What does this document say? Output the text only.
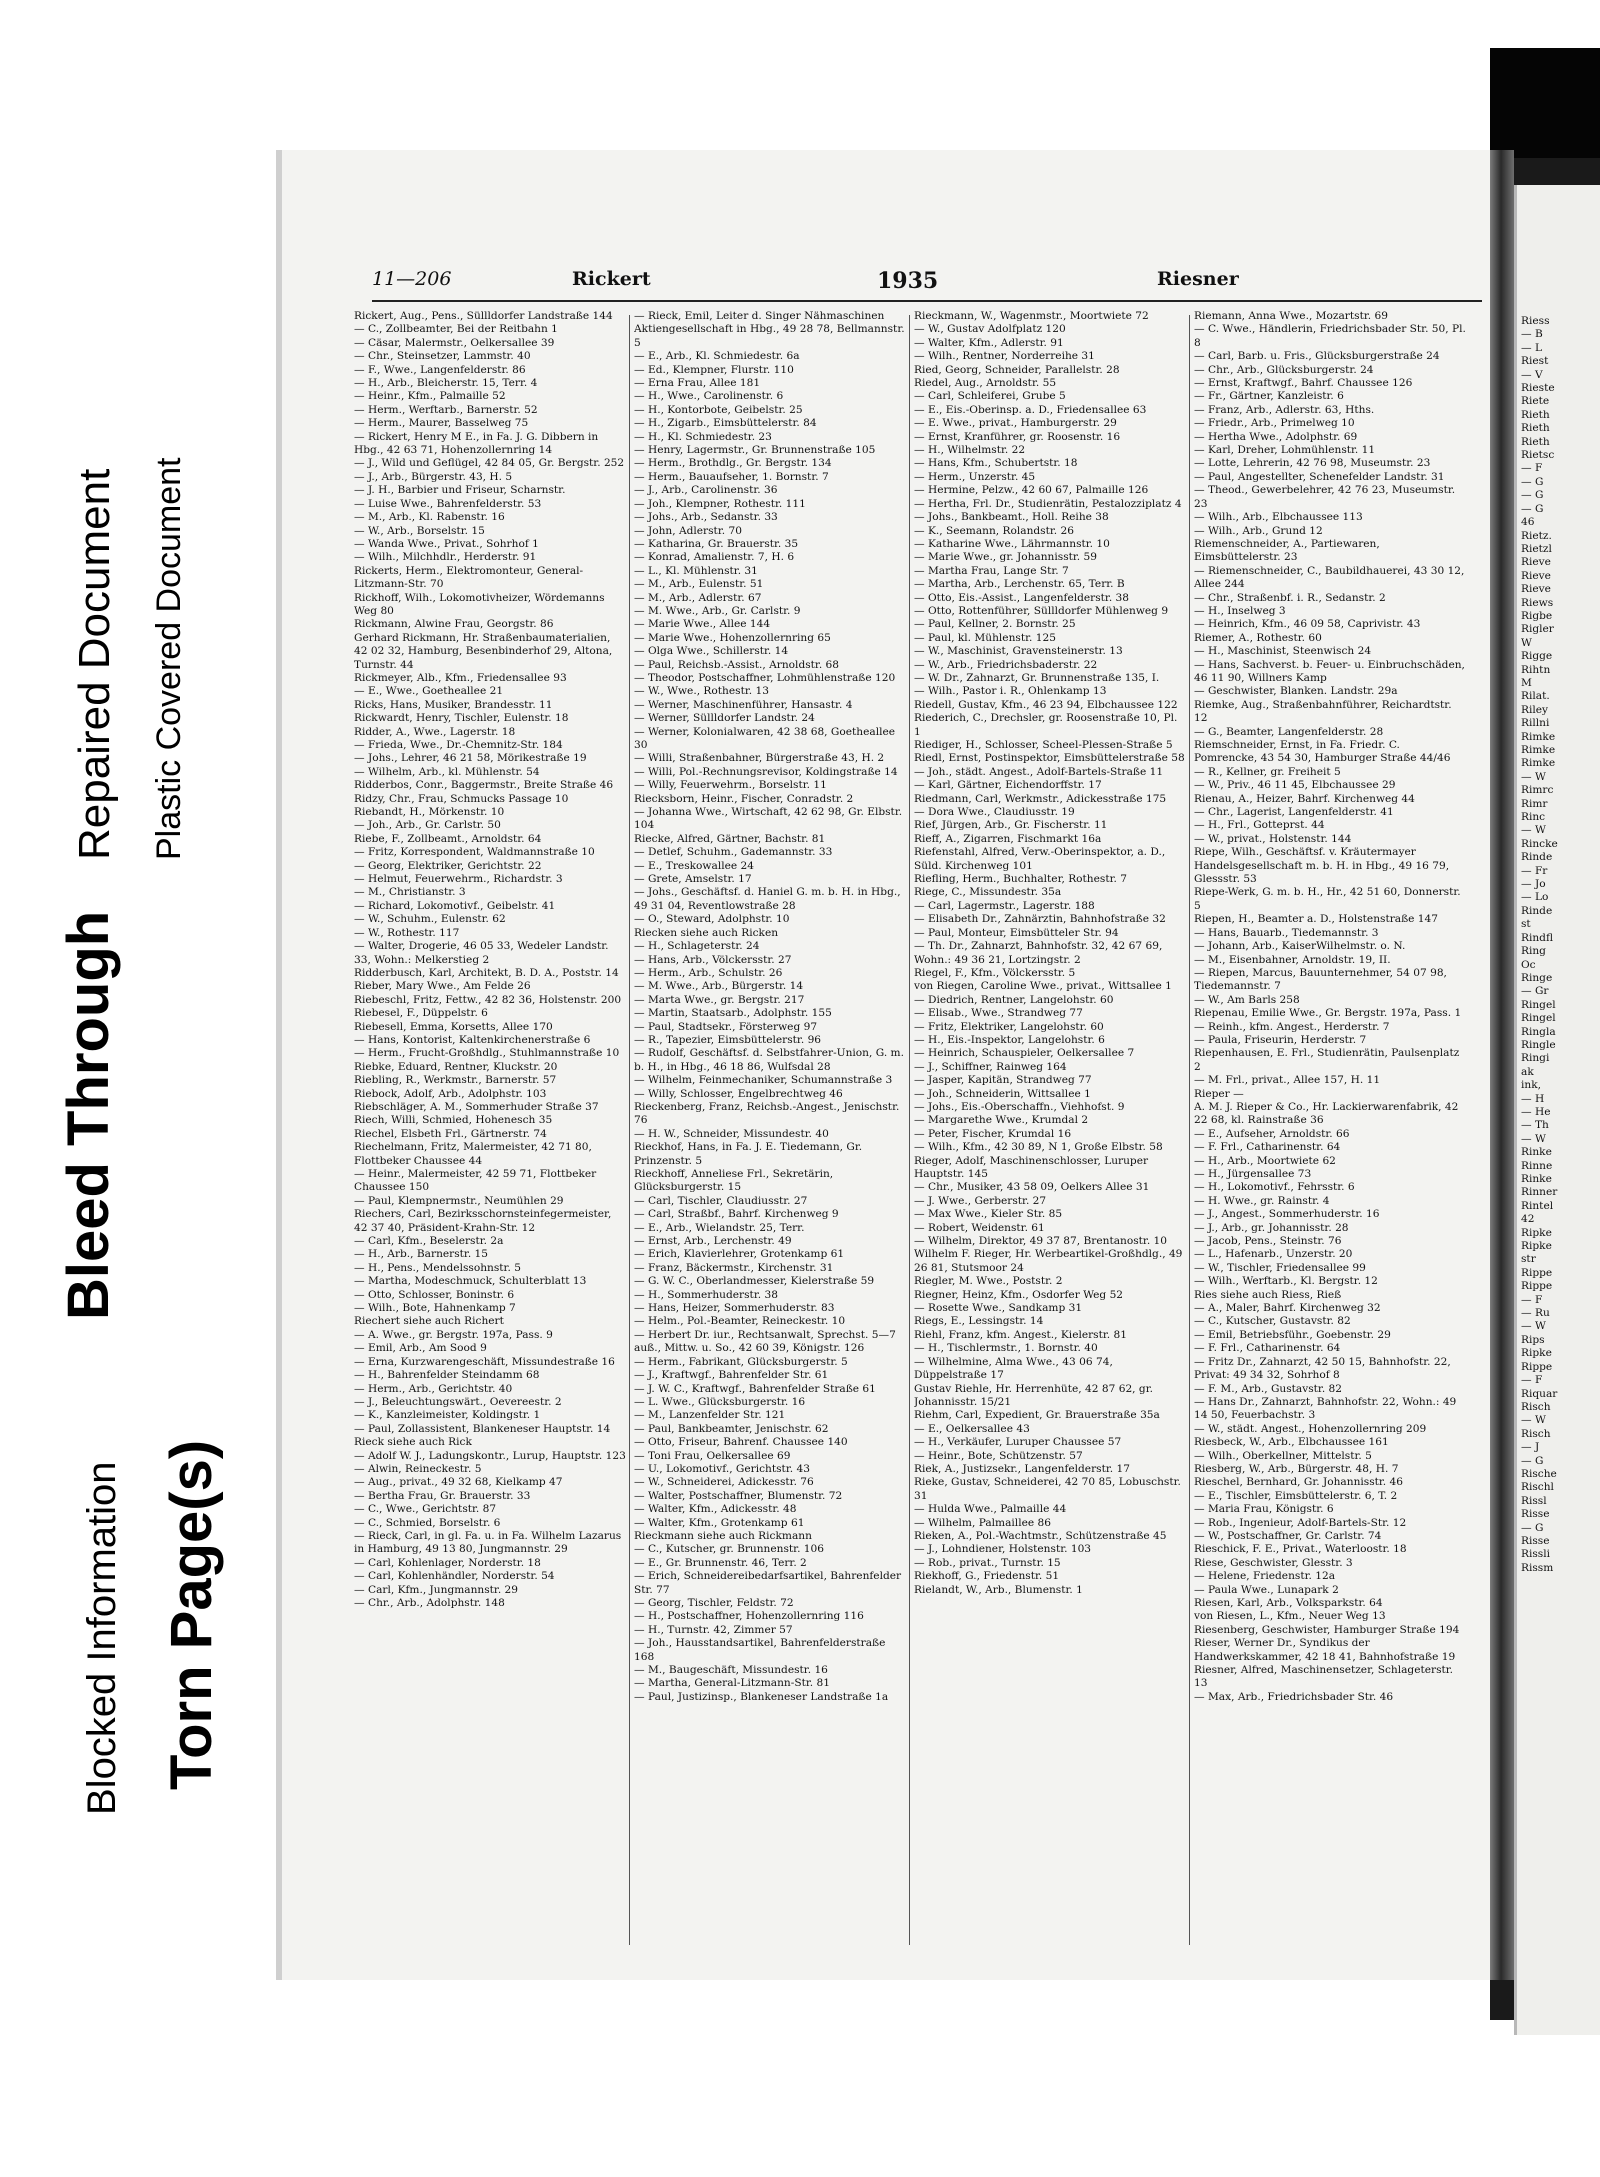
Bleed Through
Repaired Document Plastic Covered Document
Blocked Information Torn Page(s)

Riess

— B

— L

Riest

— V

Rieste

Riete

Rieth

Rieth

Rieth

Rietsc

— F

— G

— G

— G

46

Rietz.

Rietzl

Rieve

Rieve

Rieve

Riews

Rigbe

Rigler

W

Rigge

Rihtn

M

Rilat.

Riley

Rillni

Rimke

Rimke

Rimke

— W

Rimrc

Rimr

Rinc

— W

Rincke

Rinde

— Fr

— Jo

— Lo

Rinde

st

Rindfl

Ring

Oc

Ringe

— Gr

Ringel

Ringel

Ringla

Ringle

Ringi

ak

ink,

— H

— He

— Th

— W

Rinke

Rinne

Rinke

Rinner

Rintel

42

Ripke

Ripke

str

Rippe

Rippe

— F

— Ru

— W

Rips

Ripke

Rippe

— F

Riquar

Risch

— W

Risch

— J

— G

Rische

Rischl

Rissl

Risse

— G

Risse

Rissli

Rissm

11—206	Rickert	1935	Riesner

Rickert, Aug., Pens., Süllldorfer Landstraße 144

— C., Zollbeamter, Bei der Reitbahn 1

— Cäsar, Malermstr., Oelkersallee 39

— Chr., Steinsetzer, Lammstr. 40

— F., Wwe., Langenfelderstr. 86

— H., Arb., Bleicherstr. 15, Terr. 4

— Heinr., Kfm., Palmaille 52

— Herm., Werftarb., Barnerstr. 52

— Herm., Maurer, Basselweg 75

— Rickert, Henry M E., in Fa. J. G. Dibbern in Hbg., 42 63 71, Hohenzollernring 14

— J., Wild und Geflügel, 42 84 05, Gr. Bergstr. 252

— J., Arb., Bürgerstr. 43, H. 5

— J. H., Barbier und Friseur, Scharnstr.

— Luise Wwe., Bahrenfelderstr. 53

— M., Arb., Kl. Rabenstr. 16

— W., Arb., Borselstr. 15

— Wanda Wwe., Privat., Sohrhof 1

— Wilh., Milchhdlr., Herderstr. 91

Rickerts, Herm., Elektromonteur, General-Litzmann-Str. 70

Rickhoff, Wilh., Lokomotivheizer, Wördemanns Weg 80

Rickmann, Alwine Frau, Georgstr. 86

Gerhard Rickmann, Hr. Straßenbaumaterialien, 42 02 32, Hamburg, Besenbinderhof 29, Altona, Turnstr. 44

Rickmeyer, Alb., Kfm., Friedensallee 93

— E., Wwe., Goetheallee 21

Ricks, Hans, Musiker, Brandesstr. 11

Rickwardt, Henry, Tischler, Eulenstr. 18

Ridder, A., Wwe., Lagerstr. 18

— Frieda, Wwe., Dr.-Chemnitz-Str. 184

— Johs., Lehrer, 46 21 58, Mörikestraße 19

— Wilhelm, Arb., kl. Mühlenstr. 54

Ridderbos, Conr., Baggermstr., Breite Straße 46

Ridzy, Chr., Frau, Schmucks Passage 10

Riebandt, H., Mörkenstr. 10

— Joh., Arb., Gr. Carlstr. 50

Riebe, F., Zollbeamt., Arnoldstr. 64

— Fritz, Korrespondent, Waldmannstraße 10

— Georg, Elektriker, Gerichtstr. 22

— Helmut, Feuerwehrm., Richardstr. 3

— M., Christianstr. 3

— Richard, Lokomotivf., Geibelstr. 41

— W., Schuhm., Eulenstr. 62

— W., Rothestr. 117

— Walter, Drogerie, 46 05 33, Wedeler Landstr. 33, Wohn.: Melkerstieg 2

Ridderbusch, Karl, Architekt, B. D. A., Poststr. 14

Rieber, Mary Wwe., Am Felde 26

Riebeschl, Fritz, Fettw., 42 82 36, Holstenstr. 200

Riebesel, F., Düppelstr. 6

Riebesell, Emma, Korsetts, Allee 170

— Hans, Kontorist, Kaltenkirchenerstraße 6

— Herm., Frucht-Großhdlg., Stuhlmannstraße 10

Riebke, Eduard, Rentner, Kluckstr. 20

Riebling, R., Werkmstr., Barnerstr. 57

Riebock, Adolf, Arb., Adolphstr. 103

Riebschläger, A. M., Sommerhuder Straße 37

Riech, Willi, Schmied, Hohenesch 35

Riechel, Elsbeth Frl., Gärtnerstr. 74

Riechelmann, Fritz, Malermeister, 42 71 80, Flottbeker Chaussee 44

— Heinr., Malermeister, 42 59 71, Flottbeker Chaussee 150

— Paul, Klempnermstr., Neumühlen 29

Riechers, Carl, Bezirksschornsteinfegermeister, 42 37 40, Präsident-Krahn-Str. 12

— Carl, Kfm., Beselerstr. 2a

— H., Arb., Barnerstr. 15

— H., Pens., Mendelssohnstr. 5

— Martha, Modeschmuck, Schulterblatt 13

— Otto, Schlosser, Boninstr. 6

— Wilh., Bote, Hahnenkamp 7

Riechert siehe auch Richert

— A. Wwe., gr. Bergstr. 197a, Pass. 9

— Emil, Arb., Am Sood 9

— Erna, Kurzwarengeschäft, Missundestraße 16

— H., Bahrenfelder Steindamm 68

— Herm., Arb., Gerichtstr. 40

— J., Beleuchtungswärt., Oevereestr. 2

— K., Kanzleimeister, Koldingstr. 1

— Paul, Zollassistent, Blankeneser Hauptstr. 14

Rieck siehe auch Rick

— Adolf W. J., Ladungskontr., Lurup, Hauptstr. 123

— Alwin, Reineckestr. 5

— Aug., privat., 49 32 68, Kielkamp 47

— Bertha Frau, Gr. Brauerstr. 33

— C., Wwe., Gerichtstr. 87

— C., Schmied, Borselstr. 6

— Rieck, Carl, in gl. Fa. u. in Fa. Wilhelm Lazarus in Hamburg, 49 13 80, Jungmannstr. 29

— Carl, Kohlenlager, Norderstr. 18

— Carl, Kohlenhändler, Norderstr. 54

— Carl, Kfm., Jungmannstr. 29

— Chr., Arb., Adolphstr. 148

— Rieck, Emil, Leiter d. Singer Nähmaschinen Aktiengesellschaft in Hbg., 49 28 78, Bellmannstr. 5

— E., Arb., Kl. Schmiedestr. 6a

— Ed., Klempner, Flurstr. 110

— Erna Frau, Allee 181

— H., Wwe., Carolinenstr. 6

— H., Kontorbote, Geibelstr. 25

— H., Zigarb., Eimsbüttelerstr. 84

— H., Kl. Schmiedestr. 23

— Henry, Lagermstr., Gr. Brunnenstraße 105

— Herm., Brothdlg., Gr. Bergstr. 134

— Herm., Bauaufseher, 1. Bornstr. 7

— J., Arb., Carolinenstr. 36

— Joh., Klempner, Rothestr. 111

— Johs., Arb., Sedanstr. 33

— John, Adlerstr. 70

— Katharina, Gr. Brauerstr. 35

— Konrad, Amalienstr. 7, H. 6

— L., Kl. Mühlenstr. 31

— M., Arb., Eulenstr. 51

— M., Arb., Adlerstr. 67

— M. Wwe., Arb., Gr. Carlstr. 9

— Marie Wwe., Allee 144

— Marie Wwe., Hohenzollernring 65

— Olga Wwe., Schillerstr. 14

— Paul, Reichsb.-Assist., Arnoldstr. 68

— Theodor, Postschaffner, Lohmühlenstraße 120

— W., Wwe., Rothestr. 13

— Werner, Maschinenführer, Hansastr. 4

— Werner, Süllldorfer Landstr. 24

— Werner, Kolonialwaren, 42 38 68, Goetheallee 30

— Willi, Straßenbahner, Bürgerstraße 43, H. 2

— Willi, Pol.-Rechnungsrevisor, Koldingstraße 14

— Willy, Feuerwehrm., Borselstr. 11

Riecksborn, Heinr., Fischer, Conradstr. 2

— Johanna Wwe., Wirtschaft, 42 62 98, Gr. Elbstr. 104

Riecke, Alfred, Gärtner, Bachstr. 81

— Detlef, Schuhm., Gademannstr. 33

— E., Treskowallee 24

— Grete, Amselstr. 17

— Johs., Geschäftsf. d. Haniel G. m. b. H. in Hbg., 49 31 04, Reventlowstraße 28

— O., Steward, Adolphstr. 10

Riecken siehe auch Ricken

— H., Schlageterstr. 24

— Hans, Arb., Völckersstr. 27

— Herm., Arb., Schulstr. 26

— M. Wwe., Arb., Bürgerstr. 14

— Marta Wwe., gr. Bergstr. 217

— Martin, Staatsarb., Adolphstr. 155

— Paul, Stadtsekr., Försterweg 97

— R., Tapezier, Eimsbüttelerstr. 96

— Rudolf, Geschäftsf. d. Selbstfahrer-Union, G. m. b. H., in Hbg., 46 18 86, Wulfsdal 28

— Wilhelm, Feinmechaniker, Schumannstraße 3

— Willy, Schlosser, Engelbrechtweg 46

Rieckenberg, Franz, Reichsb.-Angest., Jenischstr. 76

— H. W., Schneider, Missundestr. 40

Rieckhof, Hans, in Fa. J. E. Tiedemann, Gr. Prinzenstr. 5

Rieckhoff, Anneliese Frl., Sekretärin, Glücksburgerstr. 15

— Carl, Tischler, Claudiusstr. 27

— Carl, Straßbf., Bahrf. Kirchenweg 9

— E., Arb., Wielandstr. 25, Terr.

— Ernst, Arb., Lerchenstr. 49

— Erich, Klavierlehrer, Grotenkamp 61

— Franz, Bäckermstr., Kirchenstr. 31

— G. W. C., Oberlandmesser, Kielerstraße 59

— H., Sommerhuderstr. 38

— Hans, Heizer, Sommerhuderstr. 83

— Helm., Pol.-Beamter, Reineckestr. 10

— Herbert Dr. iur., Rechtsanwalt, Sprechst. 5—7 auß., Mittw. u. So., 42 60 39, Königstr. 126

— Herm., Fabrikant, Glücksburgerstr. 5

— J., Kraftwgf., Bahrenfelder Str. 61

— J. W. C., Kraftwgf., Bahrenfelder Straße 61

— L. Wwe., Glücksburgerstr. 16

— M., Lanzenfelder Str. 121

— Paul, Bankbeamter, Jenischstr. 62

— Otto, Friseur, Bahrenf. Chaussee 140

— Toni Frau, Oelkersallee 69

— U., Lokomotivf., Gerichtstr. 43

— W., Schneiderei, Adickesstr. 76

— Walter, Postschaffner, Blumenstr. 72

— Walter, Kfm., Adickesstr. 48

— Walter, Kfm., Grotenkamp 61

Rieckmann siehe auch Rickmann

— C., Kutscher, gr. Brunnenstr. 106

— E., Gr. Brunnenstr. 46, Terr. 2

— Erich, Schneidereibedarfsartikel, Bahrenfelder Str. 77

— Georg, Tischler, Feldstr. 72

— H., Postschaffner, Hohenzollernring 116

— H., Turnstr. 42, Zimmer 57

— Joh., Hausstandsartikel, Bahrenfelderstraße 168

— M., Baugeschäft, Missundestr. 16

— Martha, General-Litzmann-Str. 81

— Paul, Justizinsp., Blankeneser Landstraße 1a

Rieckmann, W., Wagenmstr., Moortwiete 72

— W., Gustav Adolfplatz 120

— Walter, Kfm., Adlerstr. 91

— Wilh., Rentner, Norderreihe 31

Ried, Georg, Schneider, Parallelstr. 28

Riedel, Aug., Arnoldstr. 55

— Carl, Schleiferei, Grube 5

— E., Eis.-Oberinsp. a. D., Friedensallee 63

— E. Wwe., privat., Hamburgerstr. 29

— Ernst, Kranführer, gr. Roosenstr. 16

— H., Wilhelmstr. 22

— Hans, Kfm., Schubertstr. 18

— Herm., Unzerstr. 45

— Hermine, Pelzw., 42 60 67, Palmaille 126

— Hertha, Frl. Dr., Studienrätin, Pestalozziplatz 4

— Johs., Bankbeamt., Holl. Reihe 38

— K., Seemann, Rolandstr. 26

— Katharine Wwe., Lährmannstr. 10

— Marie Wwe., gr. Johannisstr. 59

— Martha Frau, Lange Str. 7

— Martha, Arb., Lerchenstr. 65, Terr. B

— Otto, Eis.-Assist., Langenfelderstr. 38

— Otto, Rottenführer, Süllldorfer Mühlenweg 9

— Paul, Kellner, 2. Bornstr. 25

— Paul, kl. Mühlenstr. 125

— W., Maschinist, Gravensteinerstr. 13

— W., Arb., Friedrichsbaderstr. 22

— W. Dr., Zahnarzt, Gr. Brunnenstraße 135, I.

— Wilh., Pastor i. R., Ohlenkamp 13

Riedell, Gustav, Kfm., 46 23 94, Elbchaussee 122

Riederich, C., Drechsler, gr. Roosenstraße 10, Pl. 1

Riediger, H., Schlosser, Scheel-Plessen-Straße 5

Riedl, Ernst, Postinspektor, Eimsbüttelerstraße 58

— Joh., städt. Angest., Adolf-Bartels-Straße 11

— Karl, Gärtner, Eichendorffstr. 17

Riedmann, Carl, Werkmstr., Adickesstraße 175

— Dora Wwe., Claudiusstr. 19

Rief, Jürgen, Arb., Gr. Fischerstr. 11

Rieff, A., Zigarren, Fischmarkt 16a

Riefenstahl, Alfred, Verw.-Oberinspektor, a. D., Süld. Kirchenweg 101

Riefling, Herm., Buchhalter, Rothestr. 7

Riege, C., Missundestr. 35a

— Carl, Lagermstr., Lagerstr. 188

— Elisabeth Dr., Zahnärztin, Bahnhofstraße 32

— Paul, Monteur, Eimsbütteler Str. 94

— Th. Dr., Zahnarzt, Bahnhofstr. 32, 42 67 69, Wohn.: 49 36 21, Lortzingstr. 2

Riegel, F., Kfm., Völckersstr. 5

von Riegen, Caroline Wwe., privat., Wittsallee 1

— Diedrich, Rentner, Langelohstr. 60

— Elisab., Wwe., Strandweg 77

— Fritz, Elektriker, Langelohstr. 60

— H., Eis.-Inspektor, Langelohstr. 6

— Heinrich, Schauspieler, Oelkersallee 7

— J., Schiffner, Rainweg 164

— Jasper, Kapitän, Strandweg 77

— Joh., Schneiderin, Wittsallee 1

— Johs., Eis.-Oberschaffn., Viehhofst. 9

— Margarethe Wwe., Krumdal 2

— Peter, Fischer, Krumdal 16

— Wilh., Kfm., 42 30 89, N 1, Große Elbstr. 58

Rieger, Adolf, Maschinenschlosser, Luruper Hauptstr. 145

— Chr., Musiker, 43 58 09, Oelkers Allee 31

— J. Wwe., Gerberstr. 27

— Max Wwe., Kieler Str. 85

— Robert, Weidenstr. 61

— Wilhelm, Direktor, 49 37 87, Brentanostr. 10

Wilhelm F. Rieger, Hr. Werbeartikel-Großhdlg., 49 26 81, Stutsmoor 24

Riegler, M. Wwe., Poststr. 2

Riegner, Heinz, Kfm., Osdorfer Weg 52

— Rosette Wwe., Sandkamp 31

Riegs, E., Lessingstr. 14

Riehl, Franz, kfm. Angest., Kielerstr. 81

— H., Tischlermstr., 1. Bornstr. 40

— Wilhelmine, Alma Wwe., 43 06 74, Düppelstraße 17

Gustav Riehle, Hr. Herrenhüte, 42 87 62, gr. Johannisstr. 15/21

Riehm, Carl, Expedient, Gr. Brauerstraße 35a

— E., Oelkersallee 43

— H., Verkäufer, Luruper Chaussee 57

— Heinr., Bote, Schützenstr. 57

Riek, A., Justizsekr., Langenfelderstr. 17

Rieke, Gustav, Schneiderei, 42 70 85, Lobuschstr. 31

— Hulda Wwe., Palmaille 44

— Wilhelm, Palmaillee 86

Rieken, A., Pol.-Wachtmstr., Schützenstraße 45

— J., Lohndiener, Holstenstr. 103

— Rob., privat., Turnstr. 15

Riekhoff, G., Friedenstr. 51

Rielandt, W., Arb., Blumenstr. 1

Riemann, Anna Wwe., Mozartstr. 69

— C. Wwe., Händlerin, Friedrichsbader Str. 50, Pl. 8

— Carl, Barb. u. Fris., Glücksburgerstraße 24

— Chr., Arb., Glücksburgerstr. 24

— Ernst, Kraftwgf., Bahrf. Chaussee 126

— Fr., Gärtner, Kanzleistr. 6

— Franz, Arb., Adlerstr. 63, Hths.

— Friedr., Arb., Primelweg 10

— Hertha Wwe., Adolphstr. 69

— Karl, Dreher, Lohmühlenstr. 11

— Lotte, Lehrerin, 42 76 98, Museumstr. 23

— Paul, Angestellter, Schenefelder Landstr. 31

— Theod., Gewerbelehrer, 42 76 23, Museumstr. 23

— Wilh., Arb., Elbchaussee 113

— Wilh., Arb., Grund 12

Riemenschneider, A., Partiewaren, Eimsbüttelerstr. 23

— Riemenschneider, C., Baubildhauerei, 43 30 12, Allee 244

— Chr., Straßenbf. i. R., Sedanstr. 2

— H., Inselweg 3

— Heinrich, Kfm., 46 09 58, Caprivistr. 43

Riemer, A., Rothestr. 60

— H., Maschinist, Steenwisch 24

— Hans, Sachverst. b. Feuer- u. Einbruchschäden, 46 11 90, Willners Kamp

— Geschwister, Blanken. Landstr. 29a

Riemke, Aug., Straßenbahnführer, Reichardtstr. 12

— G., Beamter, Langenfelderstr. 28

Riemschneider, Ernst, in Fa. Friedr. C. Pomrencke, 43 54 30, Hamburger Straße 44/46

— R., Kellner, gr. Freiheit 5

— W., Priv., 46 11 45, Elbchaussee 29

Rienau, A., Heizer, Bahrf. Kirchenweg 44

— Chr., Lagerist, Langenfelderstr. 41

— H., Frl., Gotteprst. 44

— W., privat., Holstenstr. 144

Riepe, Wilh., Geschäftsf. v. Kräutermayer Handelsgesellschaft m. b. H. in Hbg., 49 16 79, Glessstr. 53

Riepe-Werk, G. m. b. H., Hr., 42 51 60, Donnerstr. 5

Riepen, H., Beamter a. D., Holstenstraße 147

— Hans, Bauarb., Tiedemannstr. 3

— Johann, Arb., KaiserWilhelmstr. o. N.

— M., Eisenbahner, Arnoldstr. 19, II.

— Riepen, Marcus, Bauunternehmer, 54 07 98, Tiedemannstr. 7

— W., Am Barls 258

Riepenau, Emilie Wwe., Gr. Bergstr. 197a, Pass. 1

— Reinh., kfm. Angest., Herderstr. 7

— Paula, Friseurin, Herderstr. 7

Riepenhausen, E. Frl., Studienrätin, Paulsenplatz 2

— M. Frl., privat., Allee 157, H. 11

Rieper —

A. M. J. Rieper & Co., Hr. Lackierwarenfabrik, 42 22 68, kl. Rainstraße 36

— E., Aufseher, Arnoldstr. 66

— F. Frl., Catharinenstr. 64

— H., Arb., Moortwiete 62

— H., Jürgensallee 73

— H., Lokomotivf., Fehrsstr. 6

— H. Wwe., gr. Rainstr. 4

— J., Angest., Sommerhuderstr. 16

— J., Arb., gr. Johannisstr. 28

— Jacob, Pens., Steinstr. 76

— L., Hafenarb., Unzerstr. 20

— W., Tischler, Friedensallee 99

— Wilh., Werftarb., Kl. Bergstr. 12

Ries siehe auch Riess, Rieß

— A., Maler, Bahrf. Kirchenweg 32

— C., Kutscher, Gustavstr. 82

— Emil, Betriebsführ., Goebenstr. 29

— F. Frl., Catharinenstr. 64

— Fritz Dr., Zahnarzt, 42 50 15, Bahnhofstr. 22, Privat: 49 34 32, Sohrhof 8

— F. M., Arb., Gustavstr. 82

— Hans Dr., Zahnarzt, Bahnhofstr. 22, Wohn.: 49 14 50, Feuerbachstr. 3

— W., städt. Angest., Hohenzollernring 209

Riesbeck, W., Arb., Elbchaussee 161

— Wilh., Oberkellner, Mittelstr. 5

Riesberg, W., Arb., Bürgerstr. 48, H. 7

Rieschel, Bernhard, Gr. Johannisstr. 46

— E., Tischler, Eimsbüttelerstr. 6, T. 2

— Maria Frau, Königstr. 6

— Rob., Ingenieur, Adolf-Bartels-Str. 12

— W., Postschaffner, Gr. Carlstr. 74

Rieschick, F. E., Privat., Waterloostr. 18

Riese, Geschwister, Glesstr. 3

— Helene, Friedenstr. 12a

— Paula Wwe., Lunapark 2

Riesen, Karl, Arb., Volksparkstr. 64

von Riesen, L., Kfm., Neuer Weg 13

Riesenberg, Geschwister, Hamburger Straße 194

Rieser, Werner Dr., Syndikus der Handwerkskammer, 42 18 41, Bahnhofstraße 19

Riesner, Alfred, Maschinensetzer, Schlageterstr. 13

— Max, Arb., Friedrichsbader Str. 46
